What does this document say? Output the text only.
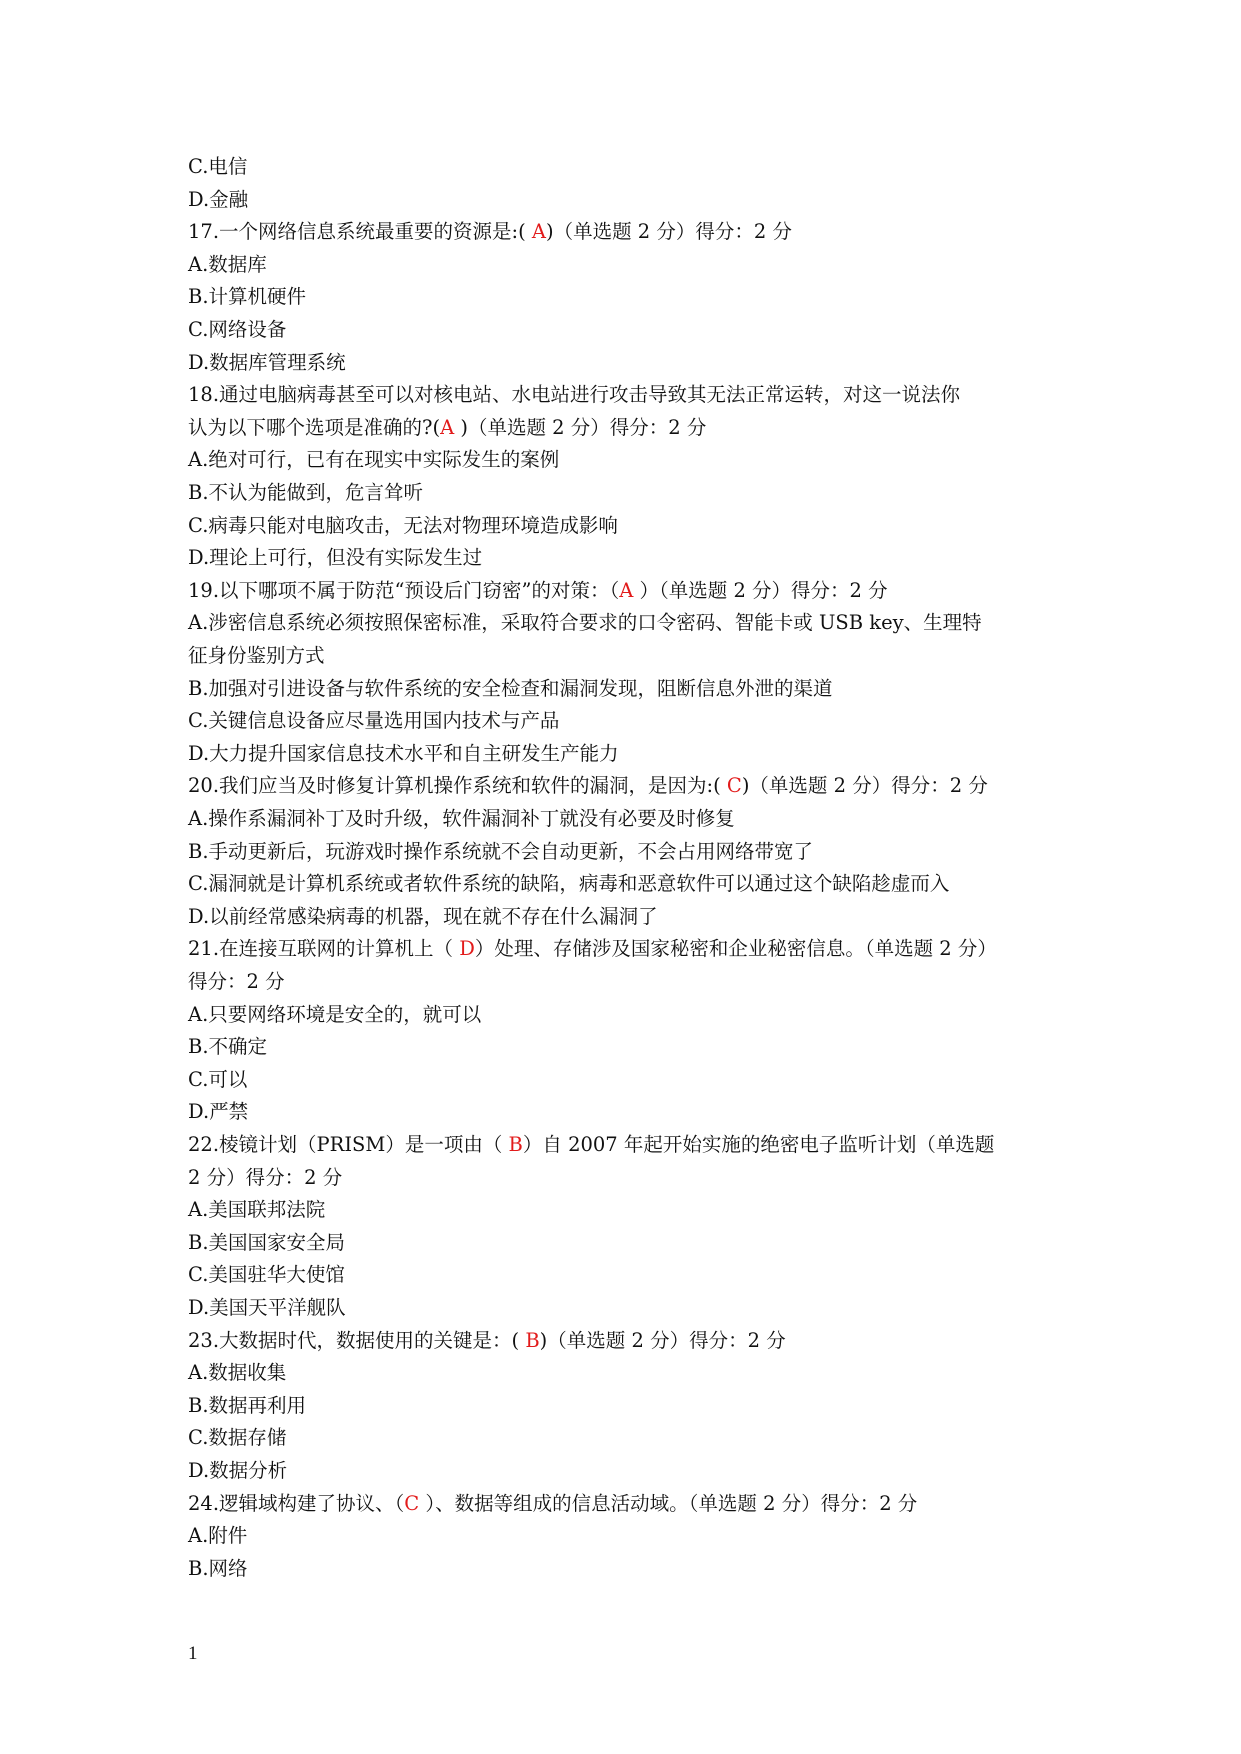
C.电信
D.金融
17.一个网络信息系统最重要的资源是:( A)（单选题 2 分）得分：2 分
A.数据库
B.计算机硬件
C.网络设备
D.数据库管理系统
18.通过电脑病毒甚至可以对核电站、水电站进行攻击导致其无法正常运转，对这一说法你
认为以下哪个选项是准确的?(A )（单选题 2 分）得分：2 分
A.绝对可行，已有在现实中实际发生的案例
B.不认为能做到，危言耸听
C.病毒只能对电脑攻击，无法对物理环境造成影响
D.理论上可行，但没有实际发生过
19.以下哪项不属于防范“预设后门窃密”的对策：（A ）（单选题 2 分）得分：2 分
A.涉密信息系统必须按照保密标准，采取符合要求的口令密码、智能卡或 USB key、生理特
征身份鉴别方式
B.加强对引进设备与软件系统的安全检查和漏洞发现，阻断信息外泄的渠道
C.关键信息设备应尽量选用国内技术与产品
D.大力提升国家信息技术水平和自主研发生产能力
20.我们应当及时修复计算机操作系统和软件的漏洞，是因为:( C)（单选题 2 分）得分：2 分
A.操作系漏洞补丁及时升级，软件漏洞补丁就没有必要及时修复
B.手动更新后，玩游戏时操作系统就不会自动更新，不会占用网络带宽了
C.漏洞就是计算机系统或者软件系统的缺陷，病毒和恶意软件可以通过这个缺陷趁虚而入
D.以前经常感染病毒的机器，现在就不存在什么漏洞了
21.在连接互联网的计算机上（ D）处理、存储涉及国家秘密和企业秘密信息。（单选题 2 分）
得分：2 分
A.只要网络环境是安全的，就可以
B.不确定
C.可以
D.严禁
22.棱镜计划（PRISM）是一项由（ B）自 2007 年起开始实施的绝密电子监听计划（单选题
2 分）得分：2 分
A.美国联邦法院
B.美国国家安全局
C.美国驻华大使馆
D.美国天平洋舰队
23.大数据时代，数据使用的关键是：( B)（单选题 2 分）得分：2 分
A.数据收集
B.数据再利用
C.数据存储
D.数据分析
24.逻辑域构建了协议、（C ）、数据等组成的信息活动域。（单选题 2 分）得分：2 分
A.附件
B.网络
1
